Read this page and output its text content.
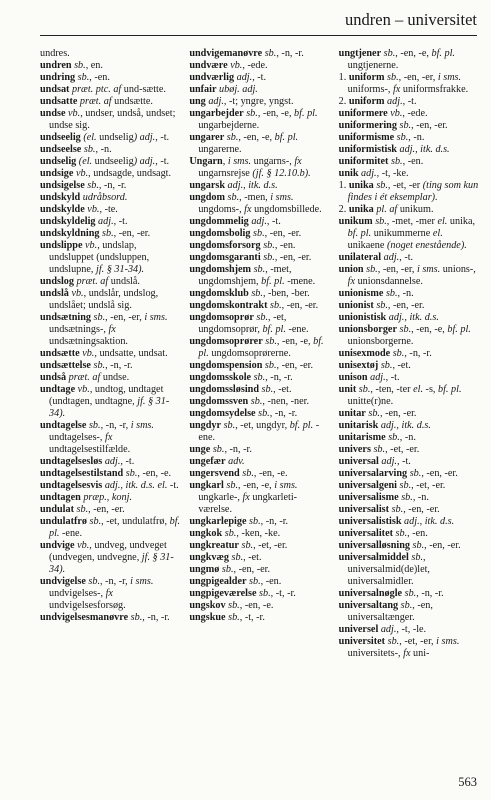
undren – universitet

undres.

undren sb., en.

undring sb., -en.

undsat præt. ptc. af und-sætte.

undsatte præt. af undsætte.

undse vb., undser, undså, undset; undse sig.

undseelig (el. undselig) adj., -t.

undseelse sb., -n.

undselig (el. undseelig) adj., -t.

undsige vb., undsagde, undsagt.

undsigelse sb., -n, -r.

undskyld udråbsord.

undskylde vb., -te.

undskyldelig adj., -t.

undskyldning sb., -en, -er.

undslippe vb., undslap, undsluppet (undsluppen, undslupne, jf. § 31-34).

undslog præt. af undslå.

undslå vb., undslår, undslog, undslået; undslå sig.

undsætning sb., -en, -er, i sms. undsætnings-, fx undsætningsaktion.

undsætte vb., undsatte, undsat.

undsættelse sb., -n, -r.

undså præt. af undse.

undtage vb., undtog, undtaget (undtagen, undtagne, jf. § 31-34).

undtagelse sb., -n, -r, i sms. undtagelses-, fx undtagelsestilfælde.

undtagelsesløs adj., -t.

undtagelsestilstand sb., -en, -e.

undtagelsesvis adj., itk. d.s. el. -t.

undtagen præp., konj.

undulat sb., -en, -er.

undulatfrø sb., -et, undulatfrø, bf. pl. -ene.

undvige vb., undveg, undveget (undvegen, undvegne, jf. § 31-34).

undvigelse sb., -n, -r, i sms. undvigelses-, fx undvigelsesforsøg.

undvigelsesmanøvre sb., -n, -r.

undvigemanøvre sb., -n, -r.

undvære vb., -ede.

undværlig adj., -t.

unfair ubøj. adj.

ung adj., -t; yngre, yngst.

ungarbejder sb., -en, -e, bf. pl. ungarbejderne.

ungarer sb., -en, -e, bf. pl. ungarerne.

Ungarn, i sms. ungarns-, fx ungarnsrejse (jf. § 12.10.b).

ungarsk adj., itk. d.s.

ungdom sb., -men, i sms. ungdoms-, fx ungdomsbillede.

ungdommelig adj., -t.

ungdomsbolig sb., -en, -er.

ungdomsforsorg sb., -en.

ungdomsgaranti sb., -en, -er.

ungdomshjem sb., -met, ungdomshjem, bf. pl. -mene.

ungdomsklub sb., -ben, -ber.

ungdomskontrakt sb., -en, -er.

ungdomsoprør sb., -et, ungdomsoprør, bf. pl. -ene.

ungdomsoprører sb., -en, -e, bf. pl. ungdomsoprørerne.

ungdomspension sb., -en, -er.

ungdomsskole sb., -n, -r.

ungdomssløsind sb., -et.

ungdomssven sb., -nen, -ner.

ungdomsydelse sb., -n, -r.

ungdyr sb., -et, ungdyr, bf. pl. -ene.

unge sb., -n, -r.

ungefær adv.

ungersvend sb., -en, -e.

ungkarl sb., -en, -e, i sms. ungkarle-, fx ungkarleti-værelse.

ungkarlepige sb., -n, -r.

ungkok sb., -ken, -ke.

ungkreatur sb., -et, -er.

ungkvæg sb., -et.

ungmø sb., -en, -er.

ungpigealder sb., -en.

ungpigeværelse sb., -t, -r.

ungskov sb., -en, -e.

ungskue sb., -t, -r.

ungtjener sb., -en, -e, bf. pl. ungtjenerne.

1. uniform sb., -en, -er, i sms. uniforms-, fx uniformsfrakke.

2. uniform adj., -t.

uniformere vb., -ede.

uniformering sb., -en, -er.

uniformisme sb., -n.

uniformistisk adj., itk. d.s.

uniformitet sb., -en.

unik adj., -t, -ke.

1. unika sb., -et, -er (ting som kun findes i ét eksemplar).

2. unika pl. af unikum.

unikum sb., -met, -mer el. unika, bf. pl. unikummerne el. unikaene (noget enestående).

unilateral adj., -t.

union sb., -en, -er, i sms. unions-, fx unionsdannelse.

unionisme sb., -n.

unionist sb., -en, -er.

unionistisk adj., itk. d.s.

unionsborger sb., -en, -e, bf. pl. unionsborgerne.

unisexmode sb., -n, -r.

unisextøj sb., -et.

unison adj., -t.

unit sb., -ten, -ter el. -s, bf. pl. unitte(r)ne.

unitar sb., -en, -er.

unitarisk adj., itk. d.s.

unitarisme sb., -n.

univers sb., -et, -er.

universal adj., -t.

universalarving sb., -en, -er.

universalgeni sb., -et, -er.

universalisme sb., -n.

universalist sb., -en, -er.

universalistisk adj., itk. d.s.

universalitet sb., -en.

universalløsning sb., -en, -er.

universalmiddel sb., universalmid(de)let, universalmidler.

universalnøgle sb., -n, -r.

universaltang sb., -en, universaltænger.

universel adj., -t, -le.

universitet sb., -et, -er, i sms. universitets-, fx uni-

563
